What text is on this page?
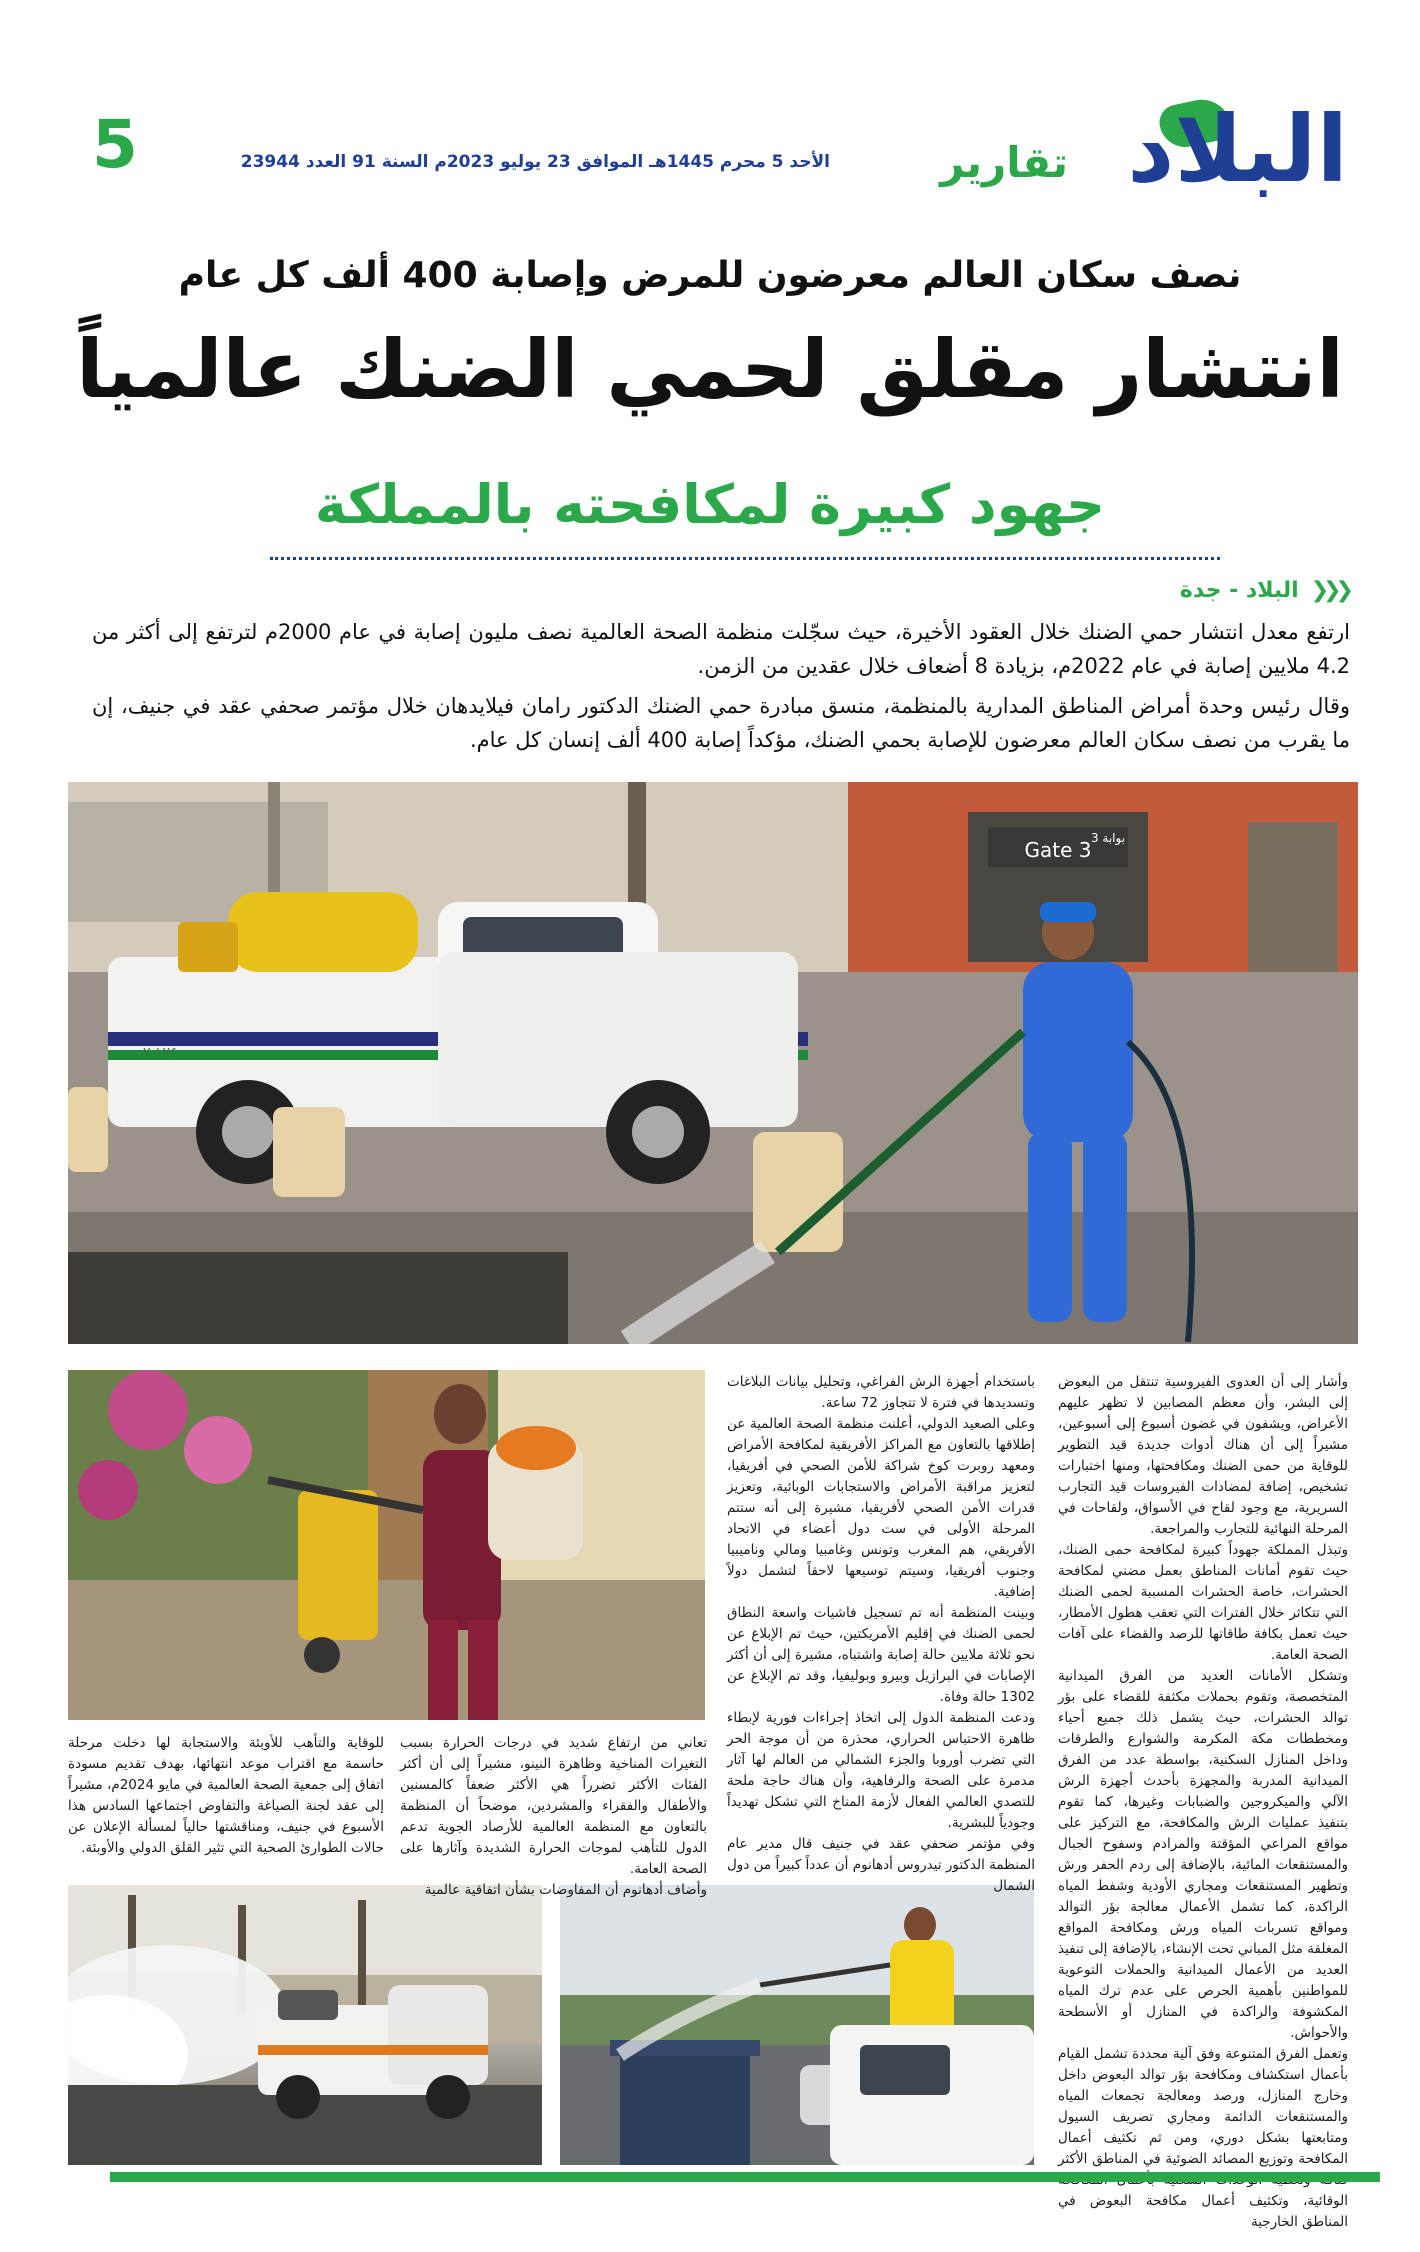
البلاد
تقارير
الأحد 5 محرم 1445هـ الموافق 23 يوليو 2023م السنة 91 العدد 23944
5
نصف سكان العالم معرضون للمرض وإصابة 400 ألف كل عام
انتشار مقلق لحمي الضنك عالمياً
جهود كبيرة لمكافحته بالمملكة
❮❮❮
البلاد - جدة

ارتفع معدل انتشار حمي الضنك خلال العقود الأخيرة، حيث سجّلت منظمة الصحة العالمية نصف مليون إصابة في عام 2000م لترتفع إلى أكثر من 4.2 ملايين إصابة في عام 2022م، بزيادة 8 أضعاف خلال عقدين من الزمن.

وقال رئيس وحدة أمراض المناطق المدارية بالمنظمة، منسق مبادرة حمي الضنك الدكتور رامان فيلايدهان خلال مؤتمر صحفي عقد في جنيف، إن ما يقرب من نصف سكان العالم معرضون للإصابة بحمي الضنك، مؤكداً إصابة 400 ألف إنسان كل عام.

Gate 3 بوابة 3
١٧٤ ٧

وأشار إلى أن العدوى الفيروسية تنتقل من البعوض إلى البشر، وأن معظم المصابين لا تظهر عليهم الأعراض، ويشفون في غضون أسبوع إلى أسبوعين، مشيراً إلى أن هناك أدوات جديدة قيد التطوير للوقاية من حمى الضنك ومكافحتها، ومنها اختبارات تشخيص، إضافة لمضادات الفيروسات قيد التجارب السريرية، مع وجود لقاح في الأسواق، ولقاحات في المرحلة النهائية للتجارب والمراجعة.

وتبذل المملكة جهوداً كبيرة لمكافحة حمى الضنك، حيث تقوم أمانات المناطق بعمل مضني لمكافحة الحشرات، خاصة الحشرات المسببة لحمى الضنك التي تتكاثر خلال الفترات التي تعقب هطول الأمطار، حيث تعمل بكافة طاقاتها للرصد والقضاء على آفات الصحة العامة.

وتشكل الأمانات العديد من الفرق الميدانية المتخصصة، وتقوم بحملات مكثفة للقضاء على بؤر توالد الحشرات، حيث يشمل ذلك جميع أحياء ومخططات مكة المكرمة والشوارع والطرقات وداخل المنازل السكنية، بواسطة عدد من الفرق الميدانية المدربة والمجهزة بأحدث أجهزة الرش الآلي والميكروجين والضبابات وغيرها، كما تقوم بتنفيذ عمليات الرش والمكافحة، مع التركيز على مواقع المراعي المؤقتة والمرادم وسفوح الجبال والمستنقعات المائية، بالإضافة إلى ردم الحفر ورش وتطهير المستنقعات ومجاري الأودية وشفط المياه الراكدة، كما تشمل الأعمال معالجة بؤر التوالد ومواقع تسربات المياه ورش ومكافحة المواقع المغلقة مثل المباني تحت الإنشاء، بالإضافة إلى تنفيذ العديد من الأعمال الميدانية والحملات التوعوية للمواطنين بأهمية الحرص على عدم ترك المياه المكشوفة والراكدة في المنازل أو الأسطحة والأحواش.

وتعمل الفرق المتنوعة وفق آلية محددة تشمل القيام بأعمال استكشاف ومكافحة بؤر توالد البعوض داخل وخارج المنازل، ورصد ومعالجة تجمعات المياه والمستنقعات الدائمة ومجاري تصريف السيول ومتابعتها بشكل دوري، ومن ثم تكثيف أعمال المكافحة وتوزيع المصائد الضوئية في المناطق الأكثر الوقائية، وتكثيف أعمال مكافحة البعوض في المناطق الخارجية

باستخدام أجهزة الرش الفراغي، وتحليل بيانات البلاغات وتسديدها في فترة لا تتجاوز 72 ساعة.

وعلى الصعيد الدولي، أعلنت منظمة الصحة العالمية عن إطلاقها بالتعاون مع المراكز الأفريقية لمكافحة الأمراض ومعهد روبرت كوخ شراكة للأمن الصحي في أفريقيا، لتعزيز مراقبة الأمراض والاستجابات الوبائية، وتعزيز قدرات الأمن الصحي لأفريقيا، مشيرة إلى أنه ستتم المرحلة الأولى في ست دول أعضاء في الاتحاد الأفريقي، هم المغرب وتونس وغامبيا ومالي وناميبيا وجنوب أفريقيا، وسيتم توسيعها لاحقاً لتشمل دولاً إضافية.

وبينت المنظمة أنه تم تسجيل فاشيات واسعة النطاق لحمى الضنك في إقليم الأمريكتين، حيث تم الإبلاغ عن نحو ثلاثة ملايين حالة إصابة واشتباه، مشيرة إلى أن أكثر الإصابات في البرازيل وبيرو وبوليفيا، وقد تم الإبلاغ عن 1302 حالة وفاة.

ودعت المنظمة الدول إلى اتخاذ إجراءات فورية لإبطاء ظاهرة الاحتباس الحراري، محذرة من أن موجة الحر التي تضرب أوروبا والجزء الشمالي من العالم لها آثار مدمرة على الصحة والرفاهية، وأن هناك حاجة ملحة للتصدي العالمي الفعال لأزمة المناخ التي تشكل تهديداً وجودياً للبشرية.

وفي مؤتمر صحفي عقد في جنيف قال مدير عام المنظمة الدكتور تيدروس أدهانوم أن عدداً كبيراً من دول الشمال

تعاني من ارتفاع شديد في درجات الحرارة بسبب التغيرات المناخية وظاهرة النينو، مشيراً إلى أن أكثر الفئات الأكثر تضرراً هي الأكثر ضعفاً كالمسنين والأطفال والفقراء والمشردين، موضحاً أن المنظمة بالتعاون مع المنظمة العالمية للأرصاد الجوية تدعم الدول للتأهب لموجات الحرارة الشديدة وآثارها على الصحة العامة.

وأضاف أدهانوم أن المفاوضات بشأن اتفاقية عالمية

للوقاية والتأهب للأوبئة والاستجابة لها دخلت مرحلة حاسمة مع اقتراب موعد انتهائها، بهدف تقديم مسودة اتفاق إلى جمعية الصحة العالمية في مايو 2024م، مشيراً إلى عقد لجنة الصياغة والتفاوض اجتماعها السادس هذا الأسبوع في جنيف، ومناقشتها حالياً لمسألة الإعلان عن حالات الطوارئ الصحية التي تثير القلق الدولي والأوبئة.
